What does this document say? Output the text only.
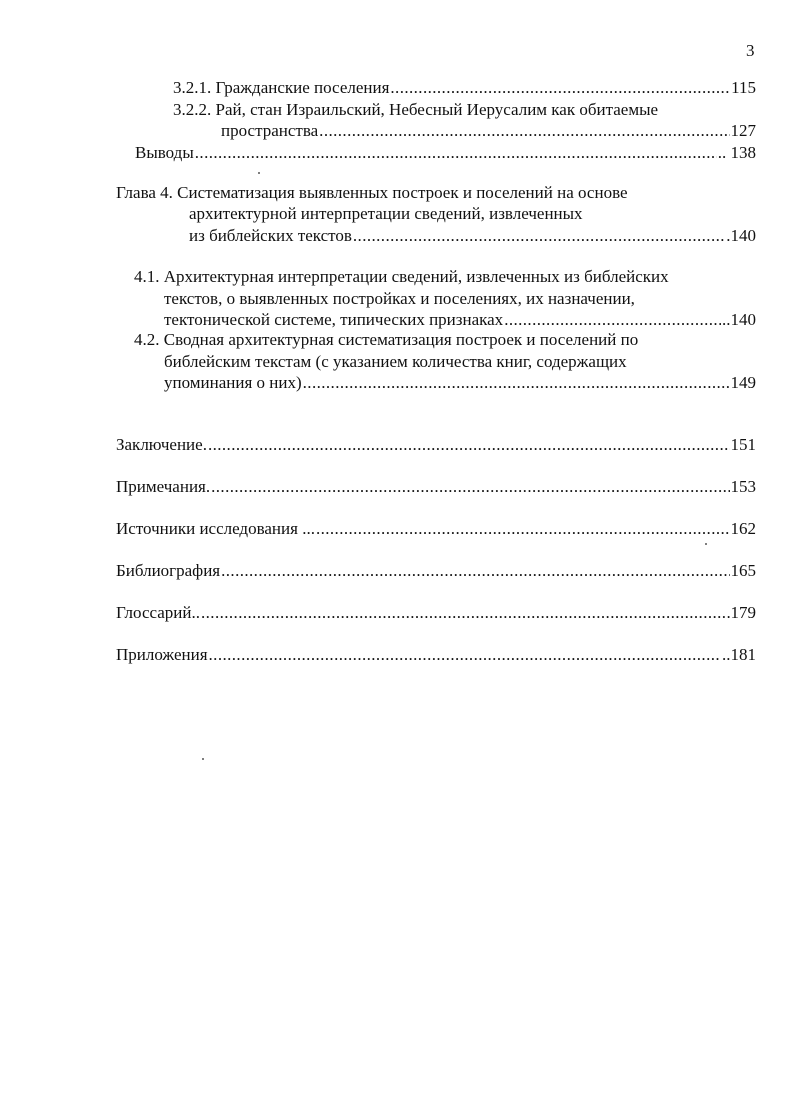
3
3.2.1. Гражданские поселения .....	115
3.2.2. Рай, стан Израильский, Небесный Иерусалим как обитаемые
пространства .....	127
Выводы .....	.. 138
Глава 4. Систематизация выявленных построек и поселений на основе
архитектурной интерпретации сведений, извлеченных
из библейских текстов .....	.140
4.1. Архитектурная интерпретации сведений, извлеченных из библейских
текстов, о выявленных постройках и поселениях, их назначении,
тектонической системе, типических признаках .....	..140
4.2. Сводная архитектурная систематизация построек и поселений по
библейским текстам (с указанием количества книг, содержащих
упоминания о них) .....	149
Заключение. .....	151
Примечания. .....	153
Источники исследования ... .....	162
Библиография .....	165
Глоссарий.. .....	179
Приложения .....	..181
